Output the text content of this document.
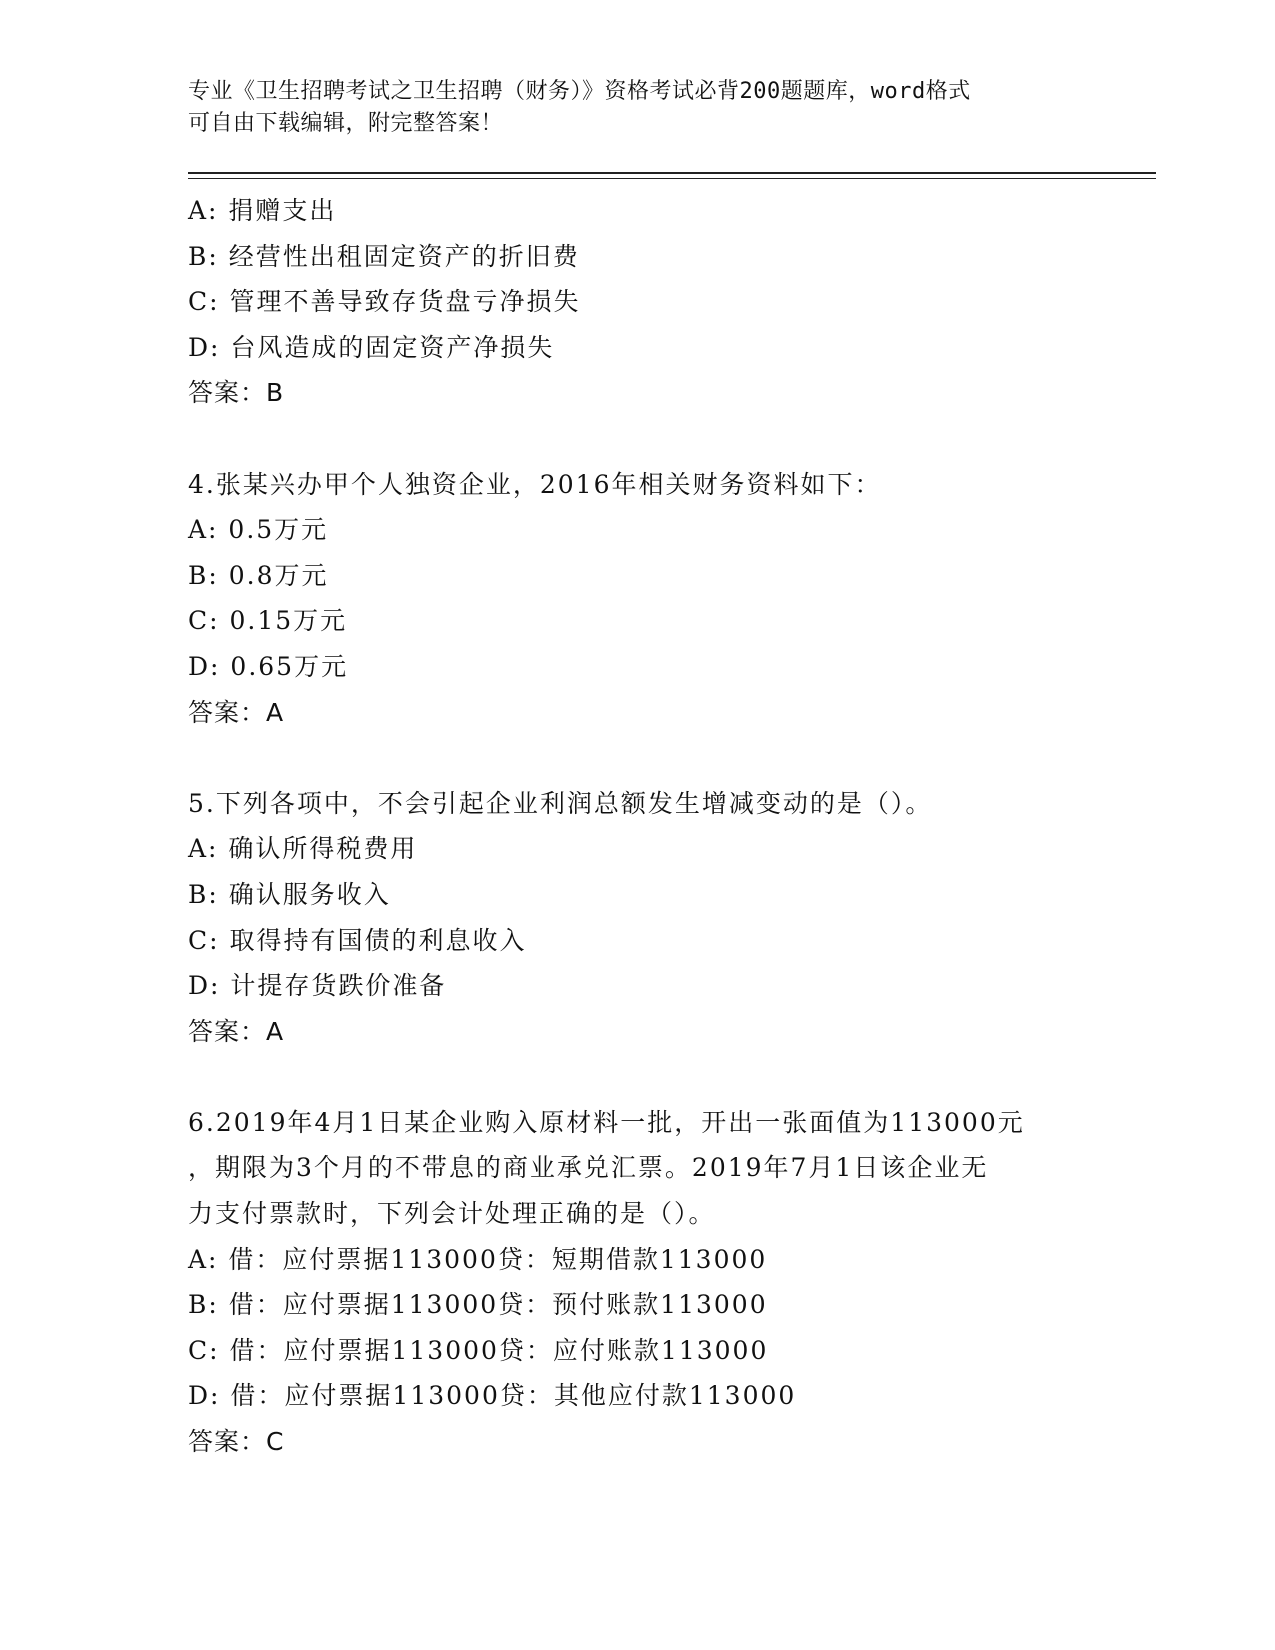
专业《卫生招聘考试之卫生招聘（财务）》资格考试必背200题题库，word格式
可自由下载编辑，附完整答案！
A: 捐赠支出
B: 经营性出租固定资产的折旧费
C: 管理不善导致存货盘亏净损失
D: 台风造成的固定资产净损失
答案：B
4.张某兴办甲个人独资企业，2016年相关财务资料如下：
A: 0.5万元
B: 0.8万元
C: 0.15万元
D: 0.65万元
答案：A
5.下列各项中，不会引起企业利润总额发生增减变动的是（）。
A: 确认所得税费用
B: 确认服务收入
C: 取得持有国债的利息收入
D: 计提存货跌价准备
答案：A
6.2019年4月1日某企业购入原材料一批，开出一张面值为113000元
，期限为3个月的不带息的商业承兑汇票。2019年7月1日该企业无
力支付票款时，下列会计处理正确的是（）。
A: 借：应付票据113000贷：短期借款113000
B: 借：应付票据113000贷：预付账款113000
C: 借：应付票据113000贷：应付账款113000
D: 借：应付票据113000贷：其他应付款113000
答案：C
